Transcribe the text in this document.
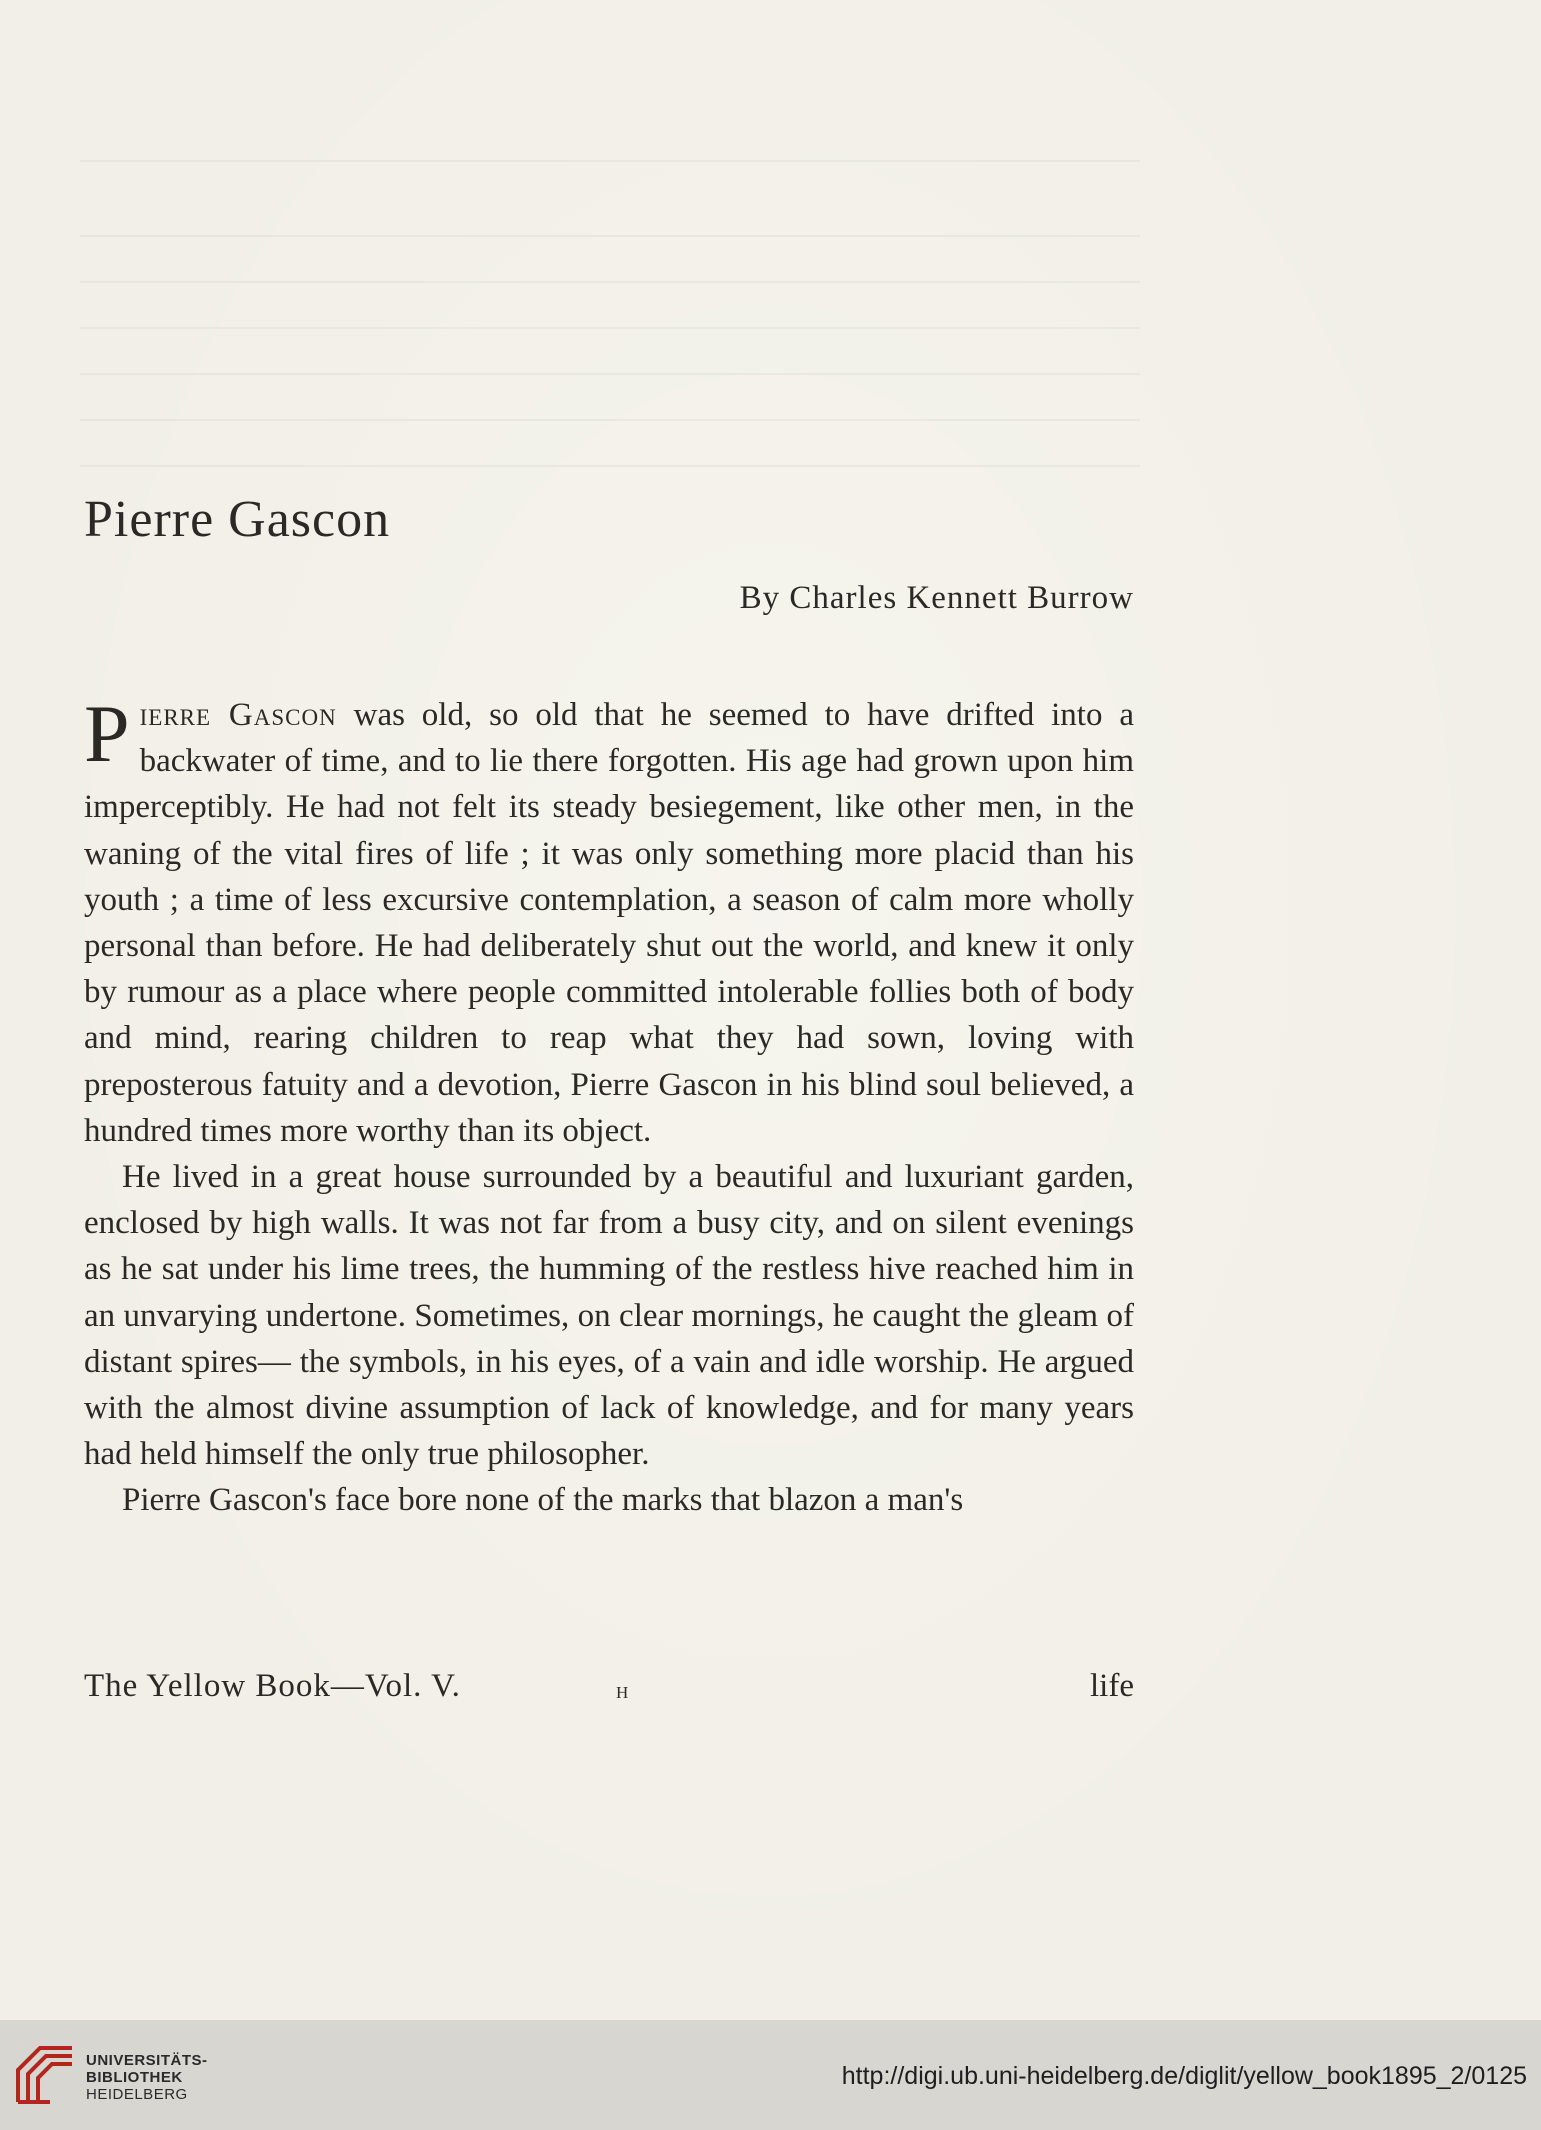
Pierre Gascon
By Charles Kennett Burrow

Pierre Gascon was old, so old that he seemed to have drifted into a backwater of time, and to lie there forgotten. His age had grown upon him imperceptibly. He had not felt its steady besiegement, like other men, in the waning of the vital fires of life ; it was only something more placid than his youth ; a time of less excursive contemplation, a season of calm more wholly personal than before. He had deliberately shut out the world, and knew it only by rumour as a place where people committed intolerable follies both of body and mind, rearing children to reap what they had sown, loving with preposterous fatuity and a devotion, Pierre Gascon in his blind soul believed, a hundred times more worthy than its object.

He lived in a great house surrounded by a beautiful and luxuriant garden, enclosed by high walls. It was not far from a busy city, and on silent evenings as he sat under his lime trees, the humming of the restless hive reached him in an unvarying undertone. Sometimes, on clear mornings, he caught the gleam of distant spires— the symbols, in his eyes, of a vain and idle worship. He argued with the almost divine assumption of lack of knowledge, and for many years had held himself the only true philosopher.

Pierre Gascon's face bore none of the marks that blazon a man's

The Yellow Book—Vol. V.	h	life
UNIVERSITÄTS-
BIBLIOTHEK
HEIDELBERG
http://digi.ub.uni-heidelberg.de/diglit/yellow_book1895_2/0125
